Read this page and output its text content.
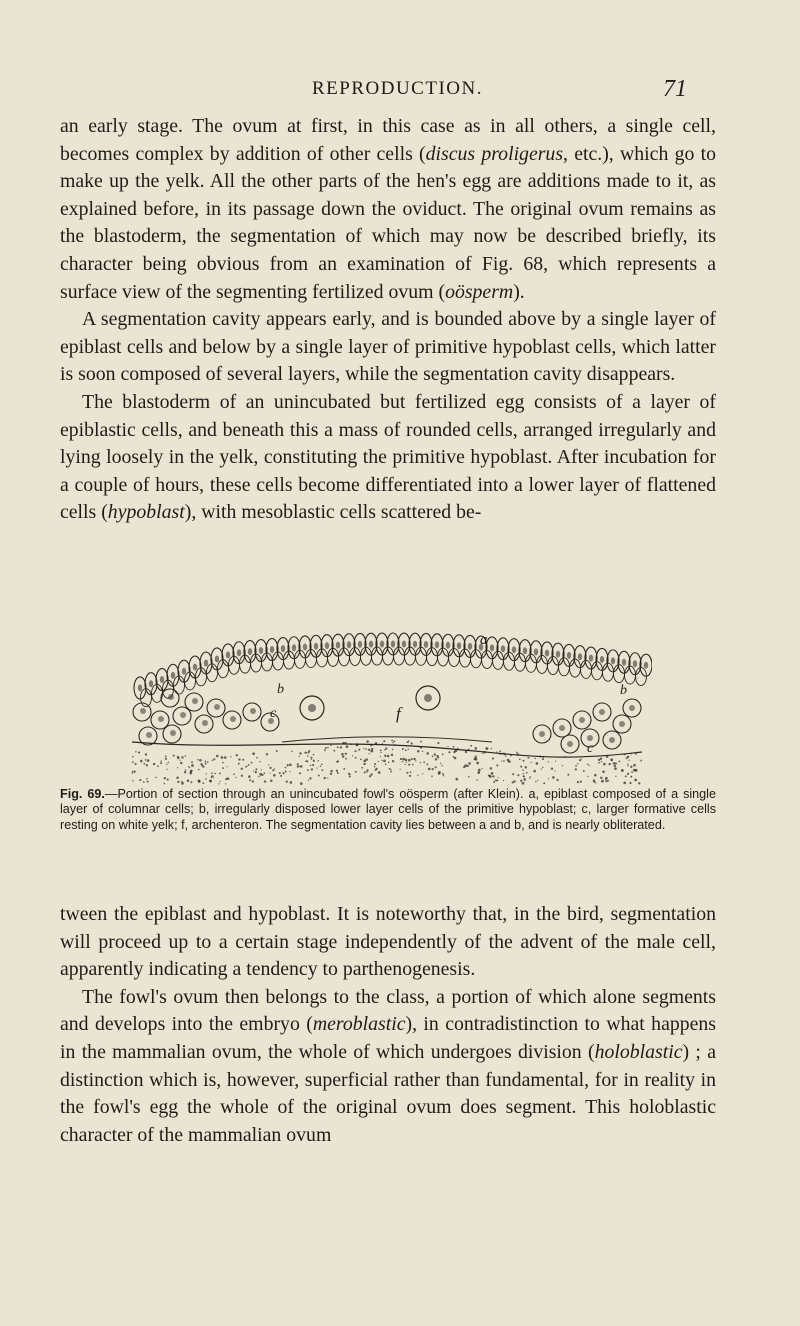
REPRODUCTION.	71

an early stage. The ovum at first, in this case as in all others, a single cell, becomes complex by addition of other cells (discus proligerus, etc.), which go to make up the yelk. All the other parts of the hen's egg are additions made to it, as explained before, in its passage down the oviduct. The original ovum remains as the blastoderm, the segmentation of which may now be described briefly, its character being obvious from an examination of Fig. 68, which represents a surface view of the segmenting fertilized ovum (oösperm).

A segmentation cavity appears early, and is bounded above by a single layer of epiblast cells and below by a single layer of primitive hypoblast cells, which latter is soon composed of several layers, while the segmentation cavity disappears.

The blastoderm of an unincubated but fertilized egg consists of a layer of epiblastic cells, and beneath this a mass of rounded cells, arranged irregularly and lying loosely in the yelk, constituting the primitive hypoblast. After incubation for a couple of hours, these cells become differentiated into a lower layer of flattened cells (hypoblast), with mesoblastic cells scattered be-

a
b
b
c
c
f
Fig. 69.—Portion of section through an unincubated fowl's oösperm (after Klein). a, epiblast composed of a single layer of columnar cells; b, irregularly disposed lower layer cells of the primitive hypoblast; c, larger formative cells resting on white yelk; f, archenteron. The segmentation cavity lies between a and b, and is nearly obliterated.

tween the epiblast and hypoblast. It is noteworthy that, in the bird, segmentation will proceed up to a certain stage independently of the advent of the male cell, apparently indicating a tendency to parthenogenesis.

The fowl's ovum then belongs to the class, a portion of which alone segments and develops into the embryo (meroblastic), in contradistinction to what happens in the mammalian ovum, the whole of which undergoes division (holoblastic) ; a distinction which is, however, superficial rather than fundamental, for in reality in the fowl's egg the whole of the original ovum does segment. This holoblastic character of the mammalian ovum
